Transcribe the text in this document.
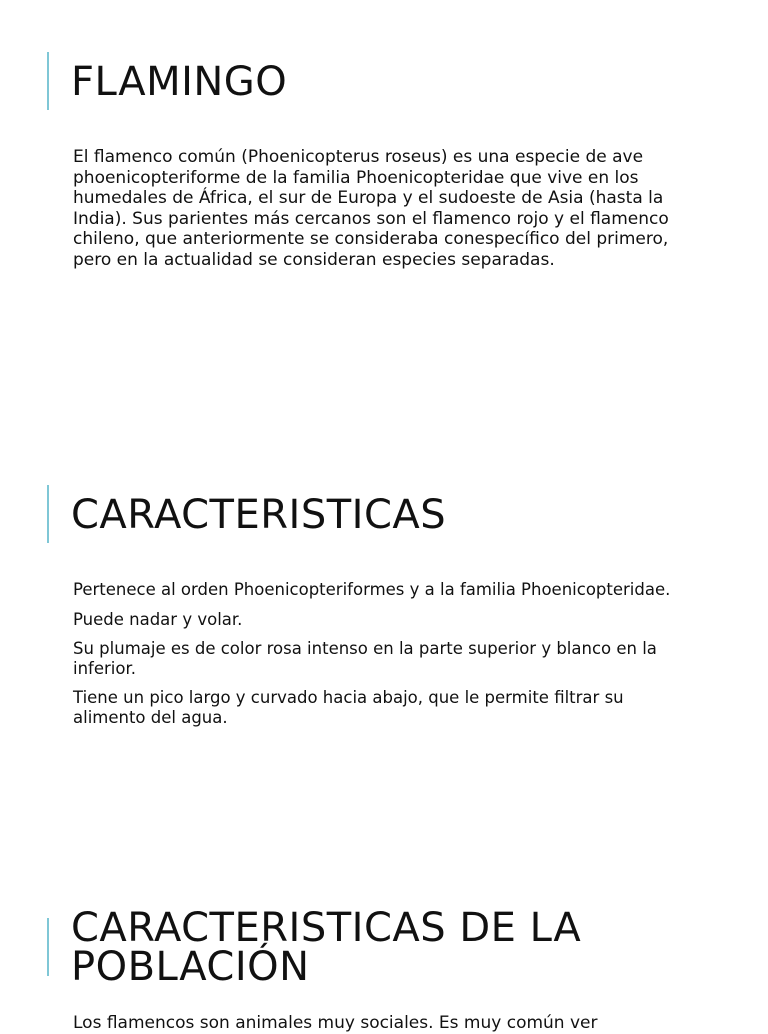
FLAMINGO

El flamenco común (Phoenicopterus roseus) es una especie de ave phoenicopteriforme de la familia Phoenicopteridae que vive en los humedales de África, el sur de Europa y el sudoeste de Asia (hasta la India). Sus parientes más cercanos son el flamenco rojo y el flamenco chileno, que anteriormente se consideraba conespecífico del primero, pero en la actualidad se consideran especies separadas.

CARACTERISTICAS

Pertenece al orden Phoenicopteriformes y a la familia Phoenicopteridae.

Puede nadar y volar.

Su plumaje es de color rosa intenso en la parte superior y blanco en la inferior.

Tiene un pico largo y curvado hacia abajo, que le permite filtrar su alimento del agua.

CARACTERISTICAS DE LA
POBLACIÓN

Los flamencos son animales muy sociales. Es muy común ver
